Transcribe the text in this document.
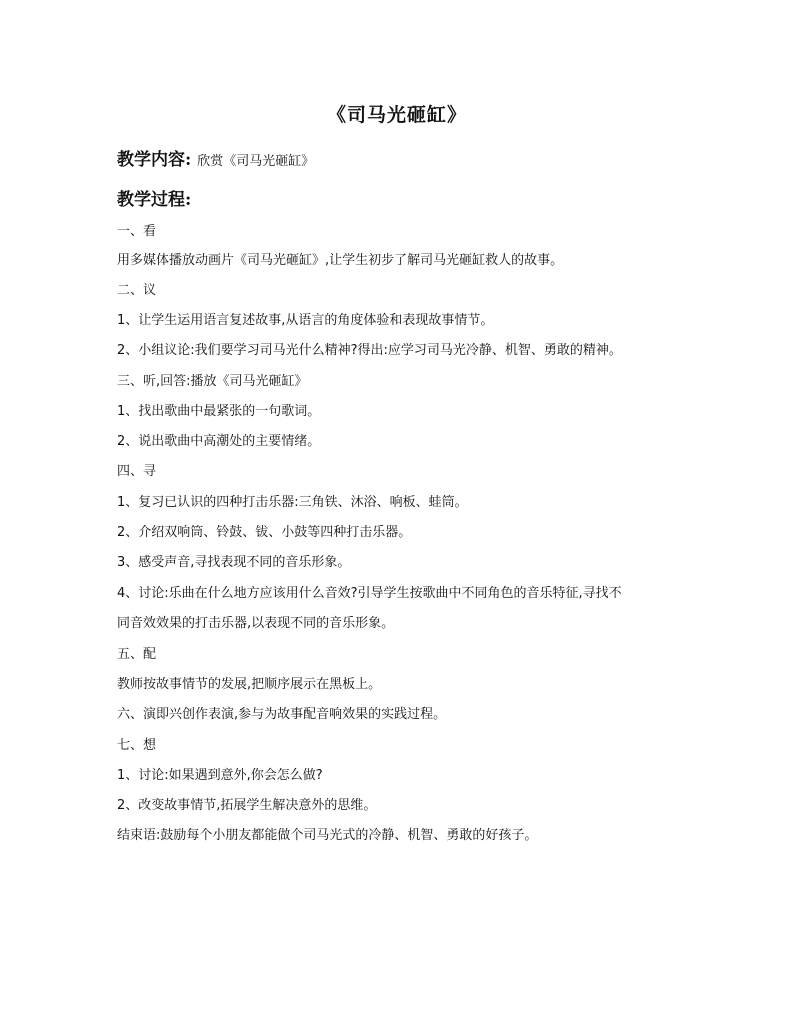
《司马光砸缸》
教学内容: 欣赏《司马光砸缸》
教学过程:
一、看
用多媒体播放动画片《司马光砸缸》,让学生初步了解司马光砸缸救人的故事。
二、议
1、让学生运用语言复述故事,从语言的角度体验和表现故事情节。
2、小组议论:我们要学习司马光什么精神?得出:应学习司马光冷静、机智、勇敢的精神。
三、听,回答:播放《司马光砸缸》
1、找出歌曲中最紧张的一句歌词。
2、说出歌曲中高潮处的主要情绪。
四、寻
1、复习已认识的四种打击乐器:三角铁、沐浴、响板、蛙筒。
2、介绍双响筒、铃鼓、钹、小鼓等四种打击乐器。
3、感受声音,寻找表现不同的音乐形象。
4、讨论:乐曲在什么地方应该用什么音效?引导学生按歌曲中不同角色的音乐特征,寻找不
同音效效果的打击乐器,以表现不同的音乐形象。
五、配
教师按故事情节的发展,把顺序展示在黑板上。
六、演即兴创作表演,参与为故事配音响效果的实践过程。
七、想
1、讨论:如果遇到意外,你会怎么做?
2、改变故事情节,拓展学生解决意外的思维。
结束语:鼓励每个小朋友都能做个司马光式的冷静、机智、勇敢的好孩子。
